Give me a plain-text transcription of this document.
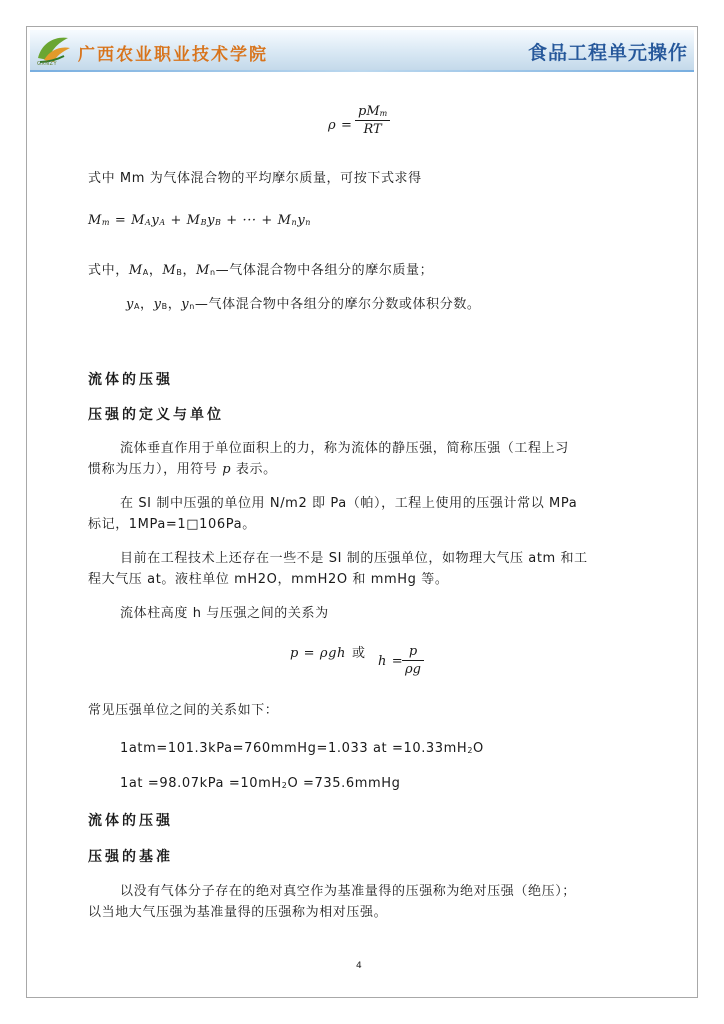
GXNZY 广西农业职业技术学院	食品工程单元操作
ρ =
$pM_m$
RT
式中 Mm 为气体混合物的平均摩尔质量，可按下式求得
$M_m = M_Ay_A + M_By_B$ + ··· + $M_ny_n$
式中，$M_A$，$M_B$，$M_n—$气体混合物中各组分的摩尔质量；
$y_A$，$y_B$，$y_n—$气体混合物中各组分的摩尔分数或体积分数。
流体的压强
压强的定义与单位
流体垂直作用于单位面积上的力，称为流体的静压强，简称压强（工程上习
惯称为压力），用符号 p 表示。
在 SI 制中压强的单位用 N/m2 即 Pa（帕），工程上使用的压强计常以 MPa
标记，1MPa=1□106Pa。
目前在工程技术上还存在一些不是 SI 制的压强单位，如物理大气压 atm 和工
程大气压 at。液柱单位 mH2O，mmH2O 和 mmHg 等。
流体柱高度 h 与压强之间的关系为
p = ρgh 或
h =
$\frac{p}{\rho g}$
常见压强单位之间的关系如下：
1atm=101.3kPa=760mmHg=1.033 at $=10.33mH_2O$
$1at =98.07kPa =10mH_2O$ =735.6mmHg
流体的压强
压强的基准
以没有气体分子存在的绝对真空作为基准量得的压强称为绝对压强（绝压）；
以当地大气压强为基准量得的压强称为相对压强。
4
